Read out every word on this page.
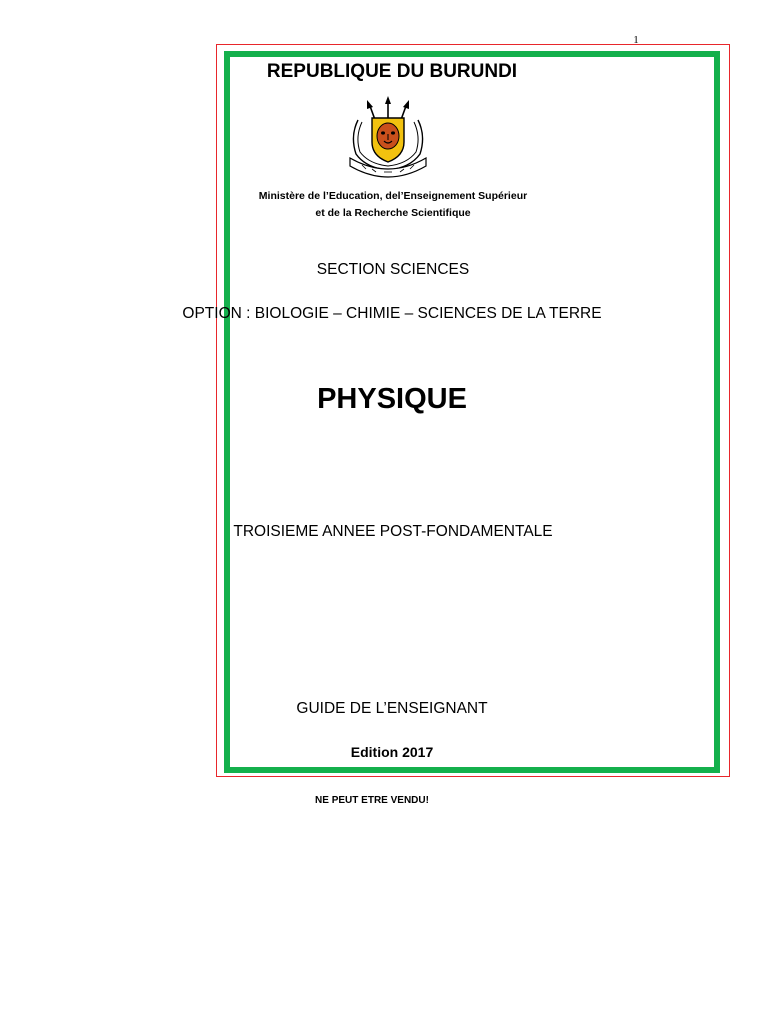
1
REPUBLIQUE DU BURUNDI
Ministère de l’Education, del’Enseignement Supérieur
et de la Recherche Scientifique
SECTION SCIENCES
OPTION : BIOLOGIE – CHIMIE – SCIENCES DE LA TERRE
PHYSIQUE
TROISIEME ANNEE POST-FONDAMENTALE
GUIDE DE L’ENSEIGNANT
Edition 2017
NE PEUT ETRE VENDU!
